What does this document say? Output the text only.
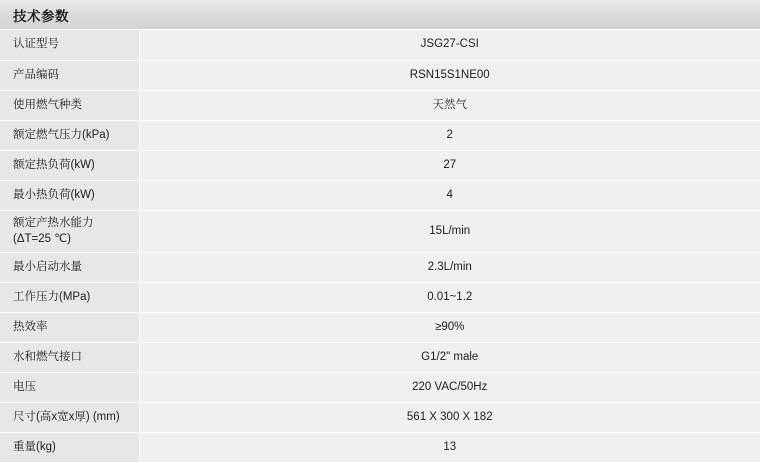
技术参数
认证型号	JSG27-CSI

产品编码	RSN15S1NE00

使用燃气种类	天然气

额定燃气压力(kPa)	2

额定热负荷(kW)	27

最小热负荷(kW)	4

额定产热水能力
(ΔT=25 ℃)	15L/min

最小启动水量	2.3L/min

工作压力(MPa)	0.01~1.2

热效率	≥90%

水和燃气接口	G1/2" male

电压	220 VAC/50Hz

尺寸(高x宽x厚) (mm)	561 X 300 X 182

重量(kg)	13
